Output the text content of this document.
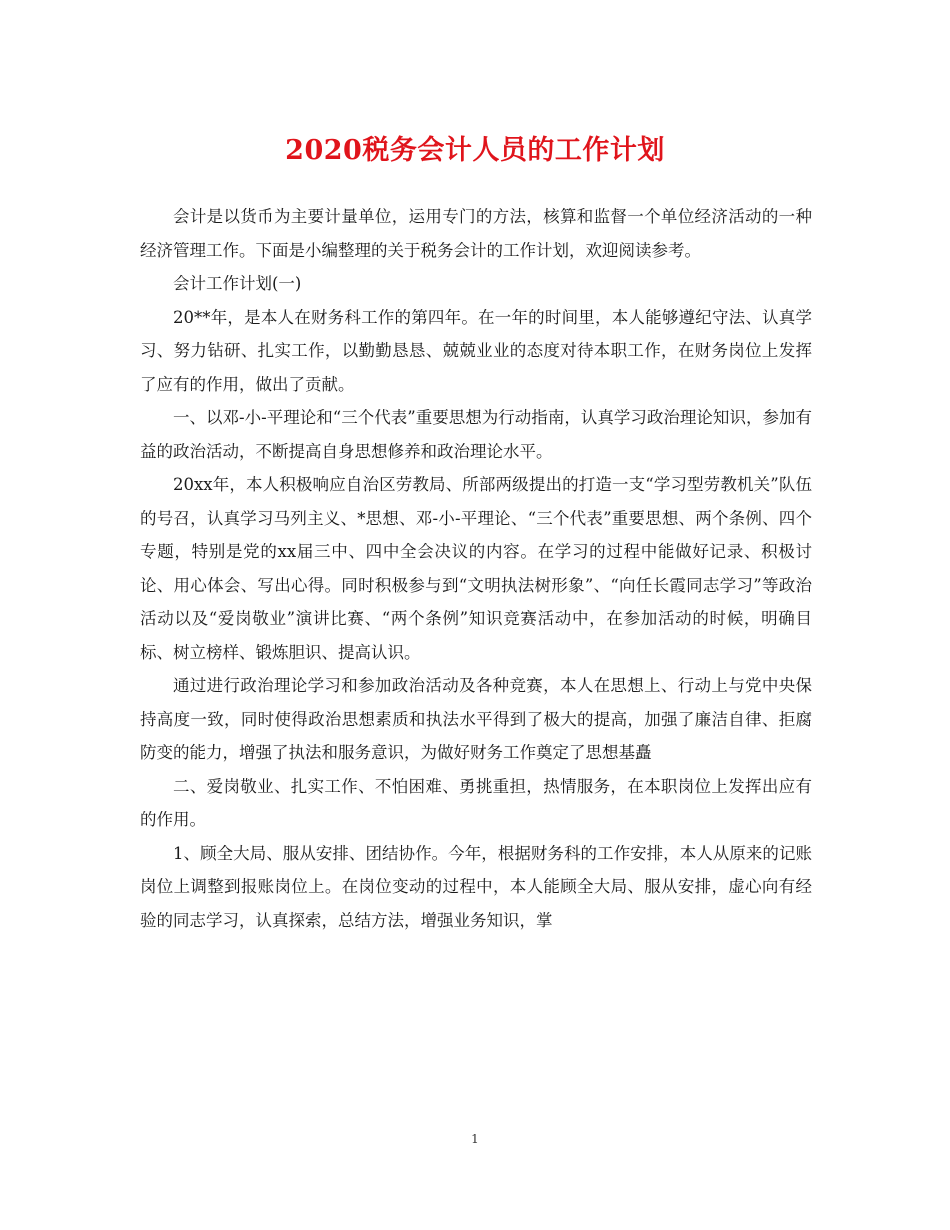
2020税务会计人员的工作计划

会计是以货币为主要计量单位，运用专门的方法，核算和监督一个单位经济活动的一种经济管理工作。下面是小编整理的关于税务会计的工作计划，欢迎阅读参考。

会计工作计划(一)

20**年，是本人在财务科工作的第四年。在一年的时间里，本人能够遵纪守法、认真学习、努力钻研、扎实工作，以勤勤恳恳、兢兢业业的态度对待本职工作，在财务岗位上发挥了应有的作用，做出了贡献。

一、以邓-小-平理论和“三个代表”重要思想为行动指南，认真学习政治理论知识，参加有益的政治活动，不断提高自身思想修养和政治理论水平。

20xx年，本人积极响应自治区劳教局、所部两级提出的打造一支“学习型劳教机关”队伍的号召，认真学习马列主义、*思想、邓-小-平理论、“三个代表”重要思想、两个条例、四个专题，特别是党的xx届三中、四中全会决议的内容。在学习的过程中能做好记录、积极讨论、用心体会、写出心得。同时积极参与到“文明执法树形象”、“向任长霞同志学习”等政治活动以及“爱岗敬业”演讲比赛、“两个条例”知识竞赛活动中，在参加活动的时候，明确目标、树立榜样、锻炼胆识、提高认识。

通过进行政治理论学习和参加政治活动及各种竞赛，本人在思想上、行动上与党中央保持高度一致，同时使得政治思想素质和执法水平得到了极大的提高，加强了廉洁自律、拒腐防变的能力，增强了执法和服务意识，为做好财务工作奠定了思想基矗

二、爱岗敬业、扎实工作、不怕困难、勇挑重担，热情服务，在本职岗位上发挥出应有的作用。

1、顾全大局、服从安排、团结协作。今年，根据财务科的工作安排，本人从原来的记账岗位上调整到报账岗位上。在岗位变动的过程中，本人能顾全大局、服从安排，虚心向有经验的同志学习，认真探索，总结方法，增强业务知识，掌

1
